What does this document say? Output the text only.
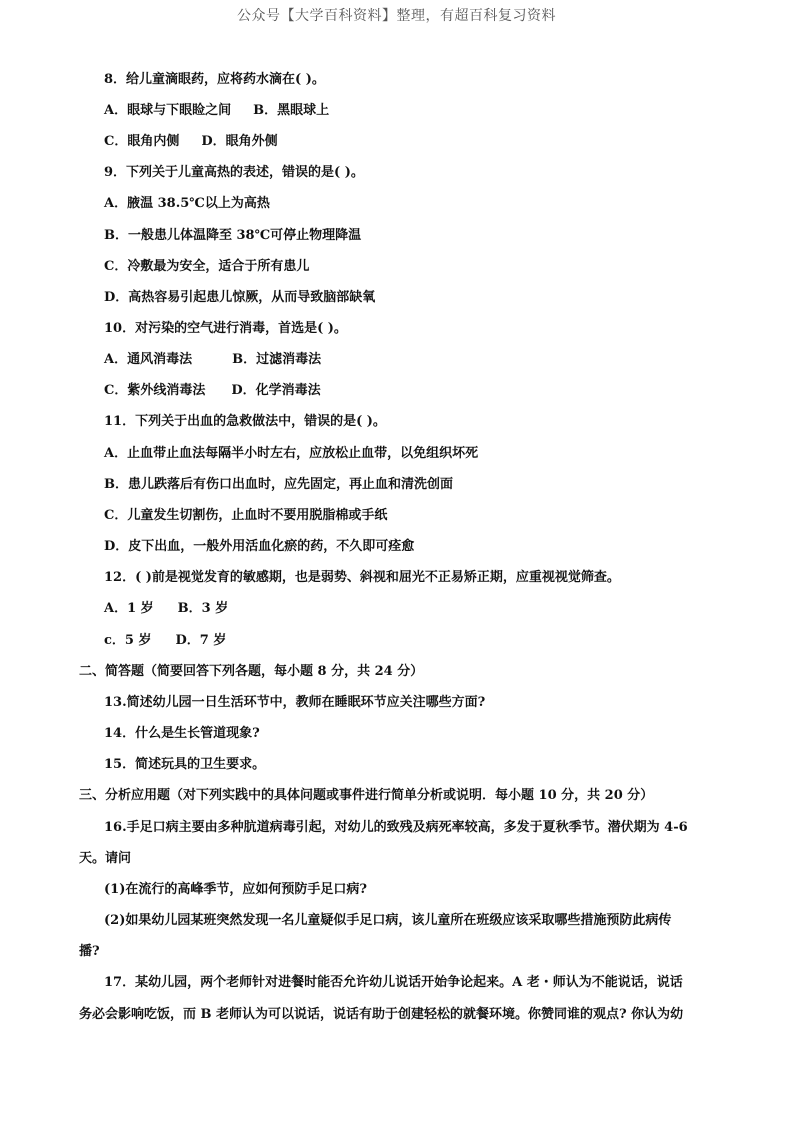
公众号【大学百科资料】整理，有超百科复习资料
8．给儿童滴眼药，应将药水滴在( )。
A．眼球与下眼睑之间 B．黑眼球上
C．眼角内侧 D．眼角外侧
9．下列关于儿童高热的表述，错误的是( )。
A．腋温 38.5℃以上为高热
B．一般患儿体温降至 38℃可停止物理降温
C．冷敷最为安全，适合于所有患儿
D．高热容易引起患儿惊厥，从而导致脑部缺氧
10．对污染的空气进行消毒，首选是( )。
A．通风消毒法	B．过滤消毒法
C．紫外线消毒法 D．化学消毒法
11．下列关于出血的急救做法中，错误的是( )。
A．止血带止血法每隔半小时左右，应放松止血带，以免组织坏死
B．患儿跌落后有伤口出血时，应先固定，再止血和清洗创面
C．儿童发生切割伤，止血时不要用脱脂棉或手纸
D．皮下出血，一般外用活血化瘀的药，不久即可痊愈
12．( )前是视觉发育的敏感期，也是弱势、斜视和屈光不正易矫正期，应重视视觉筛查。
A．1 岁 B．3 岁
c．5 岁 D．7 岁
二、简答题（简要回答下列各题，每小题 8 分，共 24 分）
13.简述幼儿园一日生活环节中，教师在睡眠环节应关注哪些方面?
14．什么是生长管道现象?
15．简述玩具的卫生要求。
三、分析应用题（对下列实践中的具体问题或事件进行简单分析或说明．每小题 10 分，共 20 分）
16.手足口病主要由多种肮道病毒引起，对幼儿的致残及病死率较高，多发于夏秋季节。潜伏期为 4-6
天。请问
(1)在流行的高峰季节，应如何预防手足口病?
(2)如果幼儿园某班突然发现一名儿童疑似手足口病，该儿童所在班级应该采取哪些措施预防此病传
播?
17．某幼儿园，两个老师针对进餐时能否允许幼儿说话开始争论起来。A 老・师认为不能说话，说话
务必会影响吃饭，而 B 老师认为可以说话，说话有助于创建轻松的就餐环境。你赞同谁的观点? 你认为幼
